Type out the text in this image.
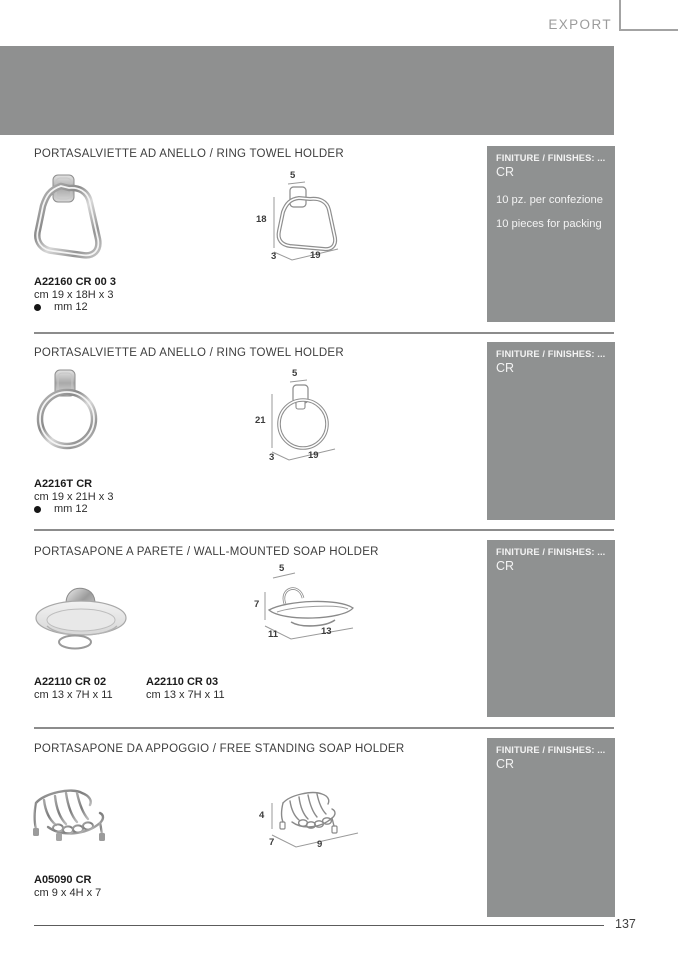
EXPORT
PORTASALVIETTE AD ANELLO / RING TOWEL HOLDER
5
18
3	19
A22160 CR 00 3
cm 19 x 18H x 3
mm 12
FINITURE / FINISHES: ...
CR
10 pz. per confezione
10 pieces for packing
PORTASALVIETTE AD ANELLO / RING TOWEL HOLDER
5
21
3	19
A2216T CR
cm 19 x 21H x 3
mm 12
FINITURE / FINISHES: ...
CR
PORTASAPONE A PARETE / WALL-MOUNTED SOAP HOLDER
5
7
11	13
A22110 CR 02
cm 13 x 7H x 11
A22110 CR 03
cm 13 x 7H x 11
FINITURE / FINISHES: ...
CR
PORTASAPONE DA APPOGGIO / FREE STANDING SOAP HOLDER
4
7	9
A05090 CR
cm 9 x 4H x 7
FINITURE / FINISHES: ...
CR
137
